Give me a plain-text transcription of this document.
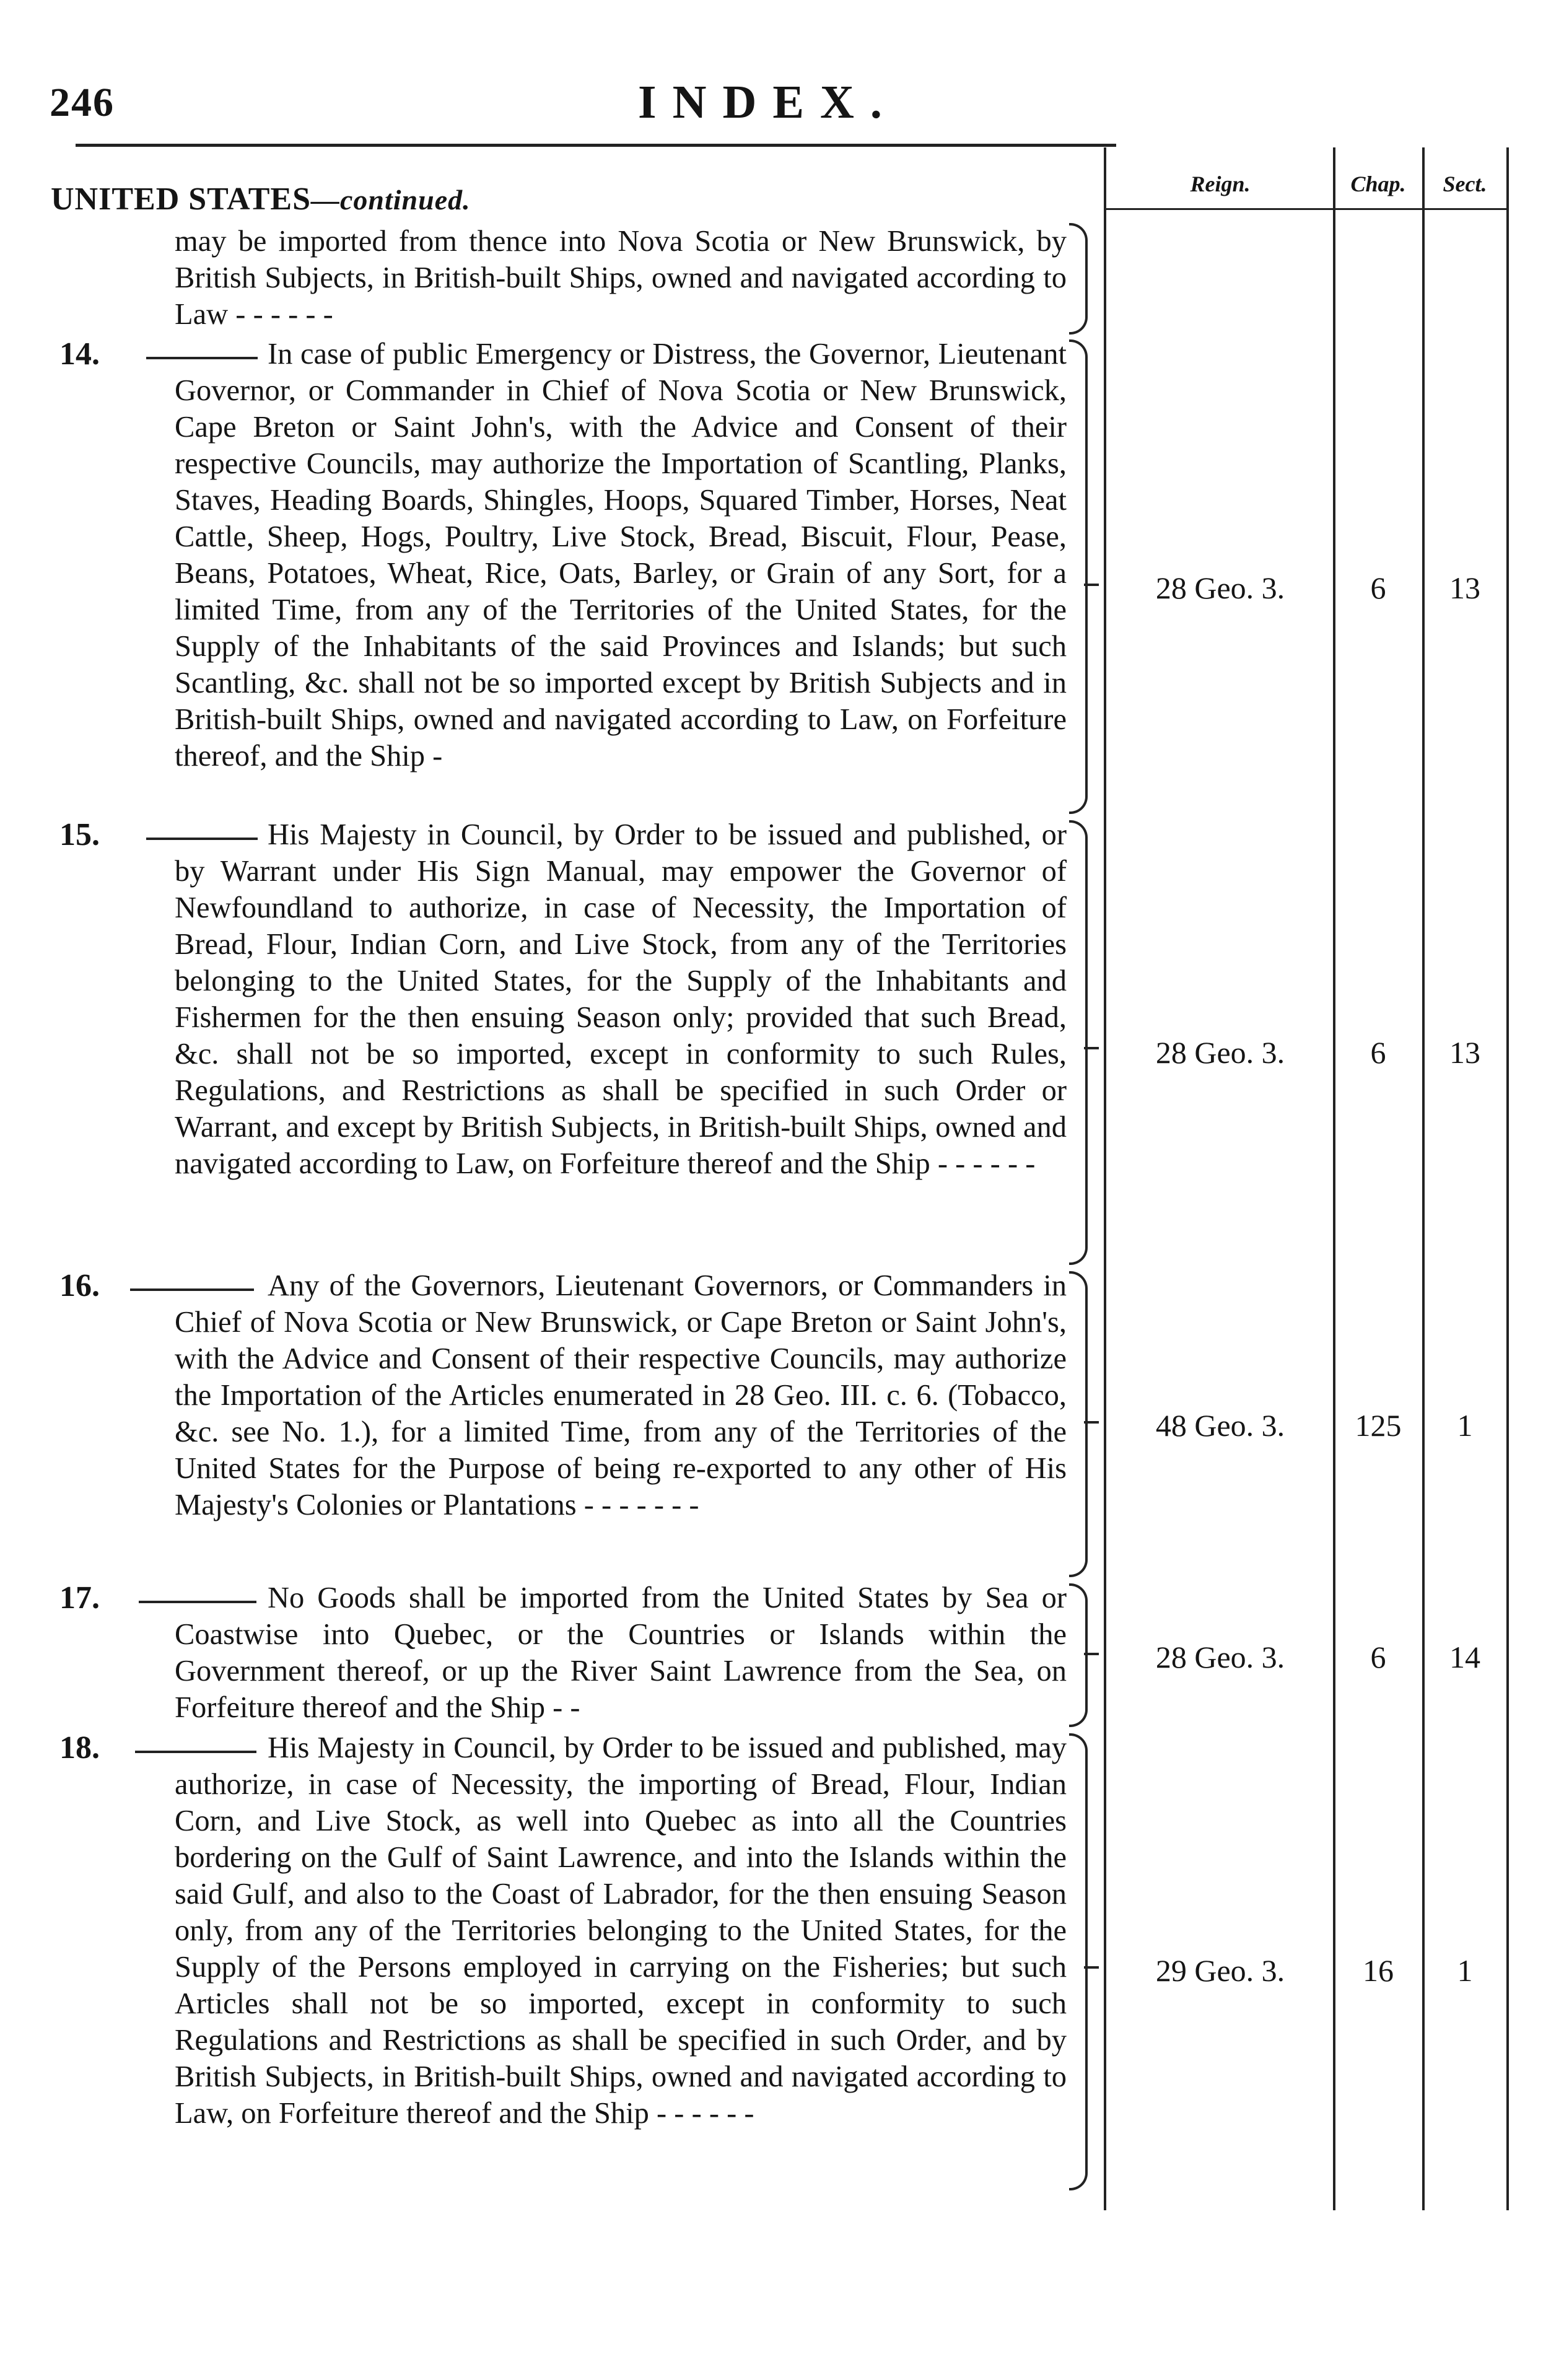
246	INDEX.
Reign.	Chap.	Sect.
UNITED STATES—continued.
may be imported from thence into Nova Scotia or New Brunswick, by British Subjects, in British-built Ships, owned and navigated according to Law - - - - - -
14.	In case of public Emergency or Distress, the Governor, Lieutenant Governor, or Commander in Chief of Nova Scotia or New Brunswick, Cape Breton or Saint John's, with the Advice and Consent of their respective Councils, may authorize the Importation of Scantling, Planks, Staves, Heading Boards, Shingles, Hoops, Squared Timber, Horses, Neat Cattle, Sheep, Hogs, Poultry, Live Stock, Bread, Biscuit, Flour, Pease, Beans, Potatoes, Wheat, Rice, Oats, Barley, or Grain of any Sort, for a limited Time, from any of the Territories of the United States, for the Supply of the Inhabitants of the said Provinces and Islands; but such Scantling, &c. shall not be so imported except by British Subjects and in British-built Ships, owned and navigated according to Law, on Forfeiture thereof, and the Ship -
28 Geo. 3.	6	13
15.	His Majesty in Council, by Order to be issued and published, or by Warrant under His Sign Manual, may empower the Governor of Newfoundland to authorize, in case of Necessity, the Importation of Bread, Flour, Indian Corn, and Live Stock, from any of the Territories belonging to the United States, for the Supply of the Inhabitants and Fishermen for the then ensuing Season only; provided that such Bread, &c. shall not be so imported, except in conformity to such Rules, Regulations, and Restrictions as shall be specified in such Order or Warrant, and except by British Subjects, in British-built Ships, owned and navigated according to Law, on Forfeiture thereof and the Ship - - - - - -
28 Geo. 3.	6	13
16.	Any of the Governors, Lieutenant Governors, or Commanders in Chief of Nova Scotia or New Brunswick, or Cape Breton or Saint John's, with the Advice and Consent of their respective Councils, may authorize the Importation of the Articles enumerated in 28 Geo. III. c. 6. (Tobacco, &c. see No. 1.), for a limited Time, from any of the Territories of the United States for the Purpose of being re-exported to any other of His Majesty's Colonies or Plantations - - - - - - -
48 Geo. 3.	125	1
17.	No Goods shall be imported from the United States by Sea or Coastwise into Quebec, or the Countries or Islands within the Government thereof, or up the River Saint Lawrence from the Sea, on Forfeiture thereof and the Ship - -
28 Geo. 3.	6	14
18.	His Majesty in Council, by Order to be issued and published, may authorize, in case of Necessity, the importing of Bread, Flour, Indian Corn, and Live Stock, as well into Quebec as into all the Countries bordering on the Gulf of Saint Lawrence, and into the Islands within the said Gulf, and also to the Coast of Labrador, for the then ensuing Season only, from any of the Territories belonging to the United States, for the Supply of the Persons employed in carrying on the Fisheries; but such Articles shall not be so imported, except in conformity to such Regulations and Restrictions as shall be specified in such Order, and by British Subjects, in British-built Ships, owned and navigated according to Law, on Forfeiture thereof and the Ship - - - - - -
29 Geo. 3.	16	1
